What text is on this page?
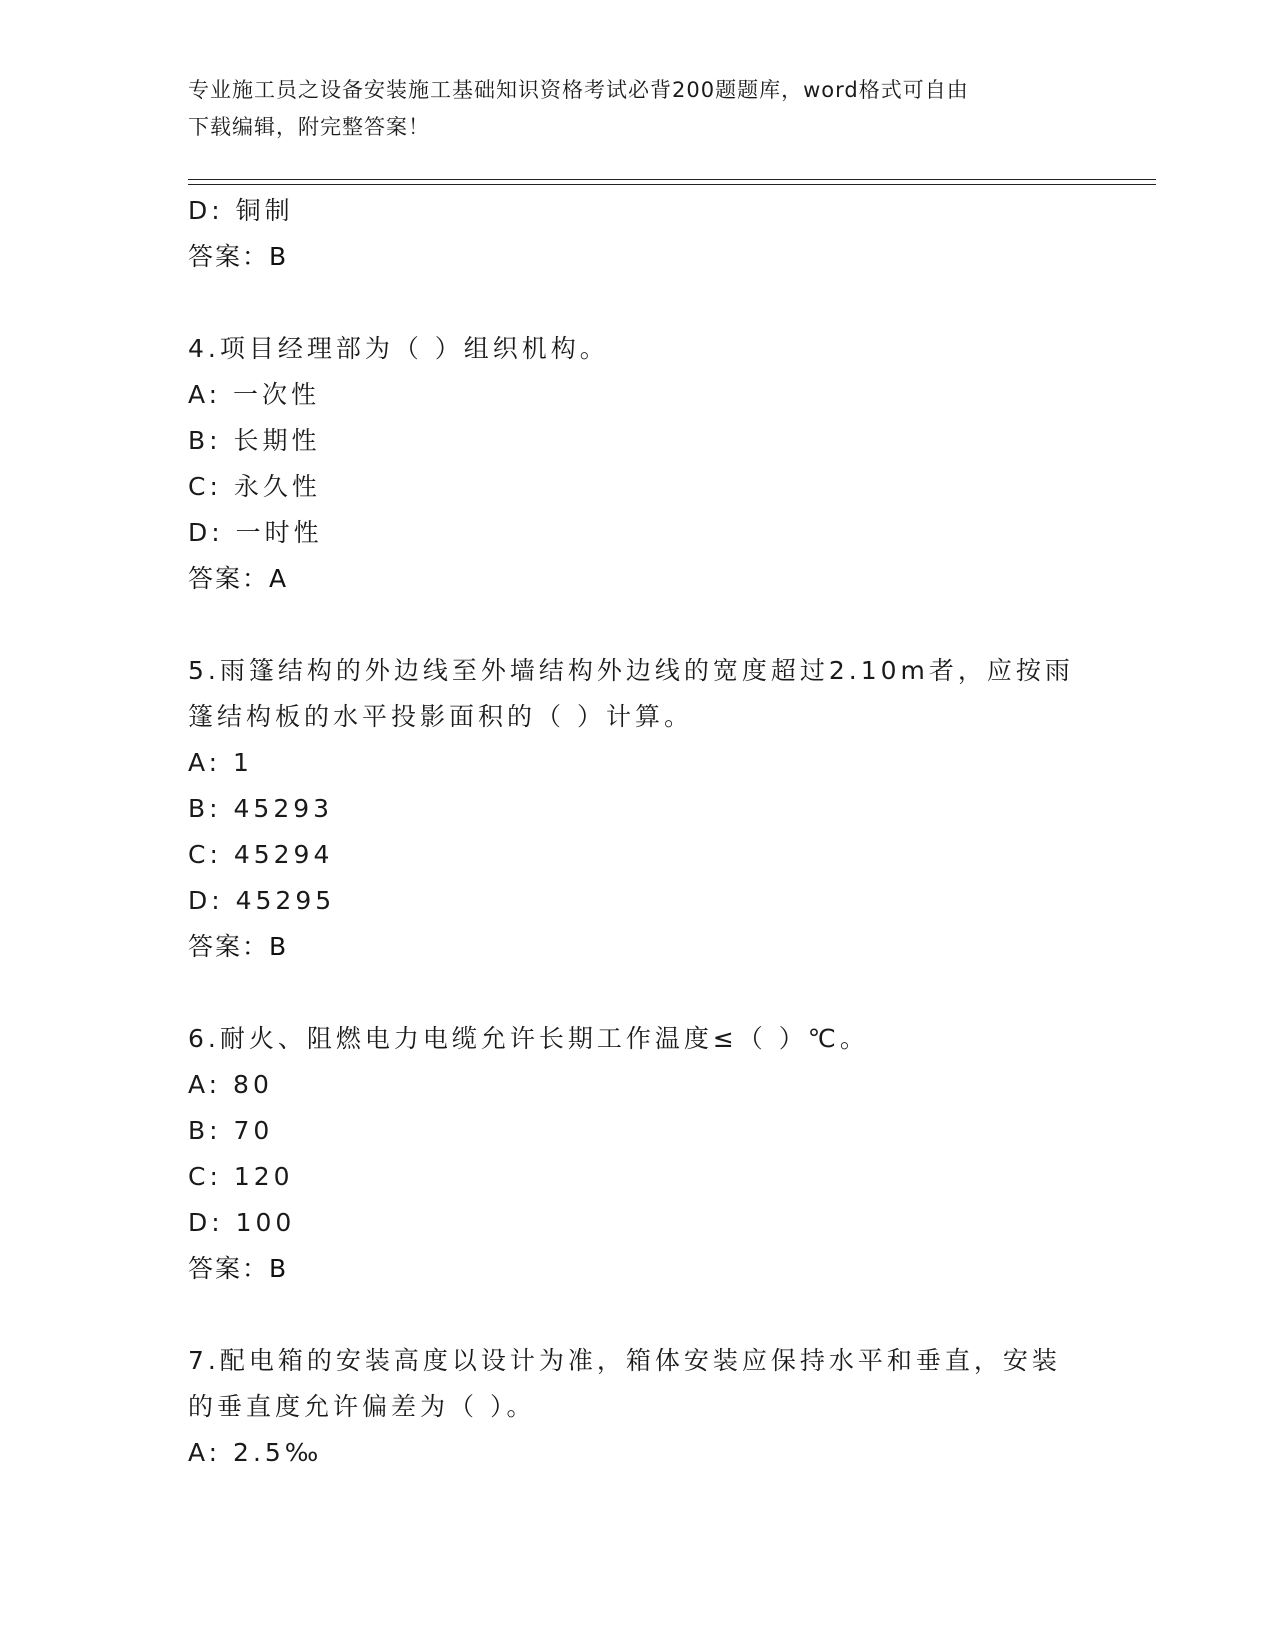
专业施工员之设备安装施工基础知识资格考试必背200题题库，word格式可自由
下载编辑，附完整答案！
D: 铜制
答案：B
4.项目经理部为（ ）组织机构。
A: 一次性
B: 长期性
C: 永久性
D: 一时性
答案：A
5.雨篷结构的外边线至外墙结构外边线的宽度超过2.10m者，应按雨
篷结构板的水平投影面积的（ ）计算。
A: 1
B: 45293
C: 45294
D: 45295
答案：B
6.耐火、阻燃电力电缆允许长期工作温度≤（ ）℃。
A: 80
B: 70
C: 120
D: 100
答案：B
7.配电箱的安装高度以设计为准，箱体安装应保持水平和垂直，安装
的垂直度允许偏差为（ ）。
A: 2.5‰
